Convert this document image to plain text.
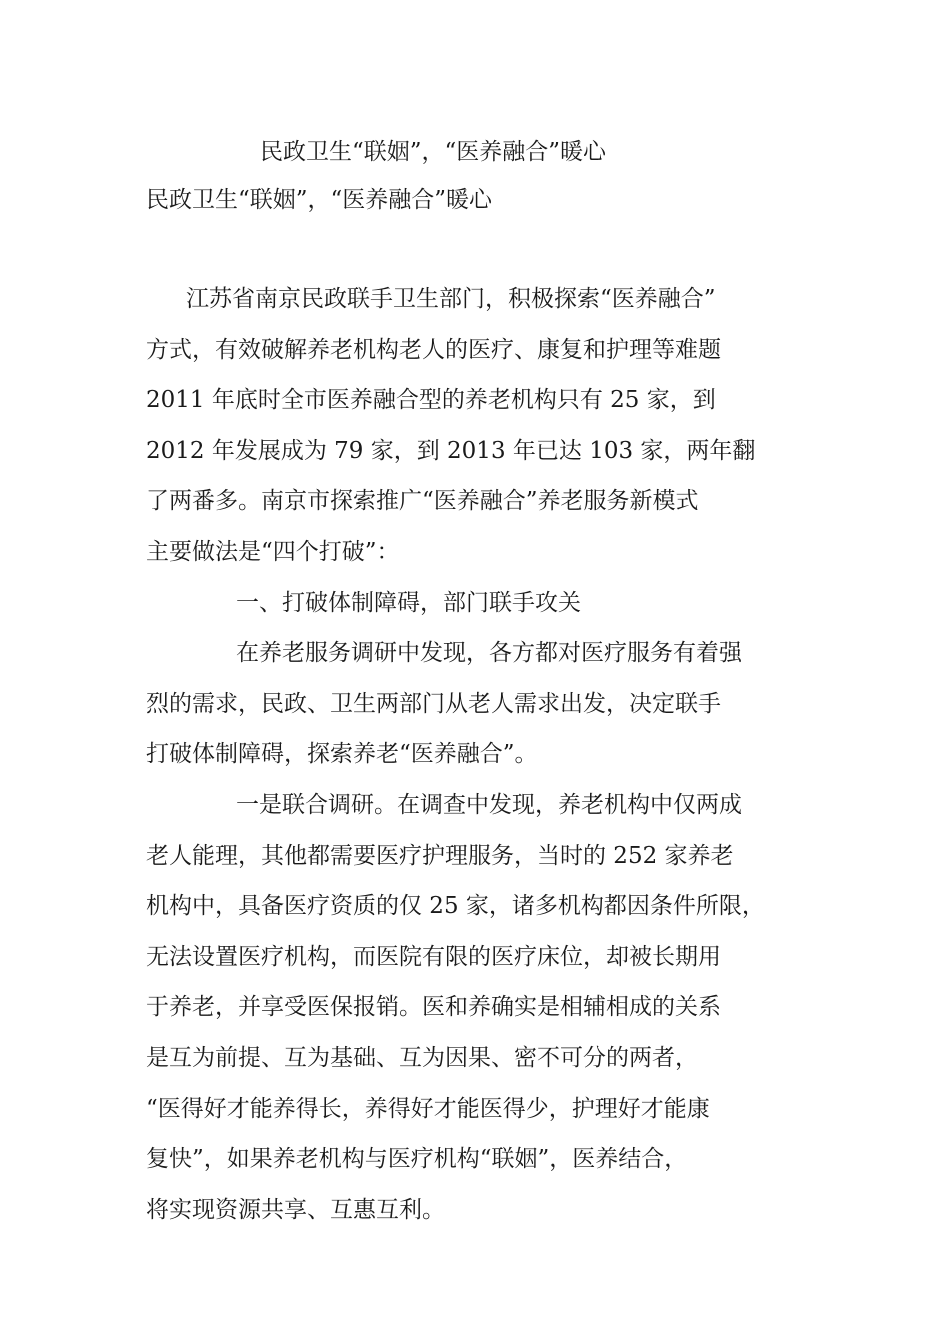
民政卫生“联姻”，“医养融合”暖心
民政卫生“联姻”，“医养融合”暖心
江苏省南京民政联手卫生部门，积极探索“医养融合”
方式，有效破解养老机构老人的医疗、康复和护理等难题
2011 年底时全市医养融合型的养老机构只有 25 家，到
2012 年发展成为 79 家，到 2013 年已达 103 家，两年翻
了两番多。南京市探索推广“医养融合”养老服务新模式
主要做法是“四个打破”：
一、打破体制障碍，部门联手攻关
在养老服务调研中发现，各方都对医疗服务有着强
烈的需求，民政、卫生两部门从老人需求出发，决定联手
打破体制障碍，探索养老“医养融合”。
一是联合调研。在调查中发现，养老机构中仅两成
老人能理，其他都需要医疗护理服务，当时的 252 家养老
机构中，具备医疗资质的仅 25 家，诸多机构都因条件所限，
无法设置医疗机构，而医院有限的医疗床位，却被长期用
于养老，并享受医保报销。医和养确实是相辅相成的关系
是互为前提、互为基础、互为因果、密不可分的两者，
“医得好才能养得长，养得好才能医得少，护理好才能康
复快”，如果养老机构与医疗机构“联姻”，医养结合，
将实现资源共享、互惠互利。
